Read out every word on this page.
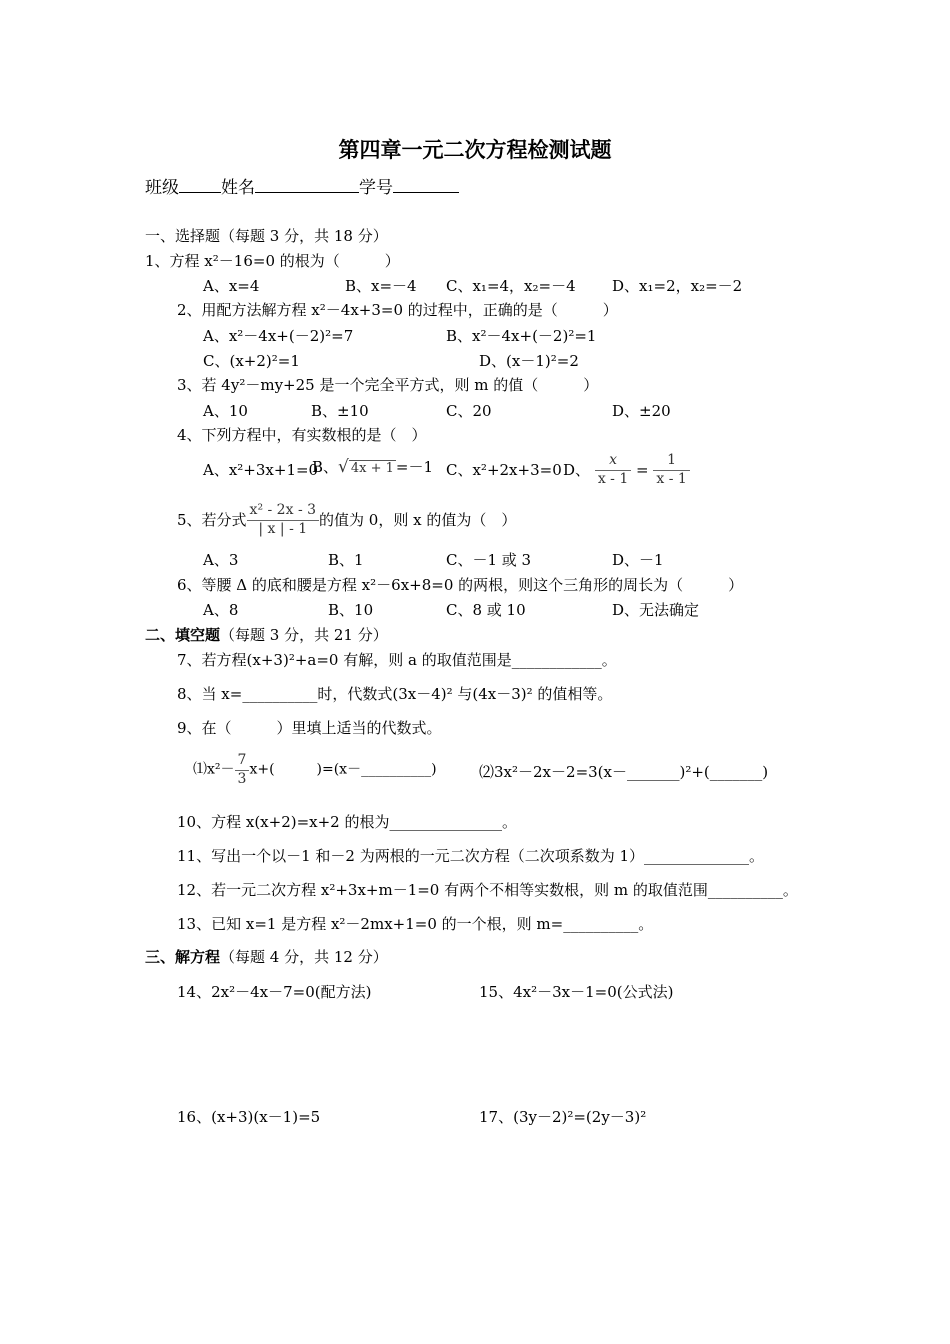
第四章一元二次方程检测试题
班级 姓名	学号
一、选择题（每题 3 分，共 18 分）
1、方程 x²－16=0 的根为（　　　）
A、x=4	B、x=－4 C、x₁=4，x₂=－4 D、x₁=2，x₂=－2
2、用配方法解方程 x²－4x+3=0 的过程中，正确的是（　　　）
A、x²－4x+(－2)²=7	B、x²－4x+(－2)²=1
C、(x+2)²=1	D、(x－1)²=2
3、若 4y²－my+25 是一个完全平方式，则 m 的值（　　　）
A、10	B、±10	C、20	D、±20
4、下列方程中，有实数根的是（　）
A、x²+3x+1=0
B、√ 4x + 1 =－1 C、x²+2x+3=0 D、 $\frac{x}{x - 1} = \frac{1}{x - 1}$
5、若分式 $\frac{\text{x² - 2x - 3}}{| x | - 1}$ 的值为 0，则 x 的值为（　）
A、3	B、1	C、－1 或 3	D、－1
6、等腰 Δ 的底和腰是方程 x²－6x+8=0 的两根，则这个三角形的周长为（　　　）
A、8	B、10	C、8 或 10	D、无法确定
二、填空题（每题 3 分，共 21 分）
7、若方程(x+3)²+a=0 有解，则 a 的取值范围是____________。
8、当 x=__________时，代数式(3x－4)² 与(4x－3)² 的值相等。
9、在（　　　）里填上适当的代数式。
⑴x²－ $\frac{7}{3} x+$(　　　)=(x－__________)	⑵3x²－2x－2=3(x－_______)²+(_______)
10、方程 x(x+2)=x+2 的根为_______________。
11、写出一个以－1 和－2 为两根的一元二次方程（二次项系数为 1）______________。
12、若一元二次方程 x²+3x+m－1=0 有两个不相等实数根，则 m 的取值范围__________。
13、已知 x=1 是方程 x²－2mx+1=0 的一个根，则 m=__________。
三、解方程（每题 4 分，共 12 分）
14、2x²－4x－7=0(配方法)	15、4x²－3x－1=0(公式法)
16、(x+3)(x－1)=5	17、(3y－2)²=(2y－3)²
